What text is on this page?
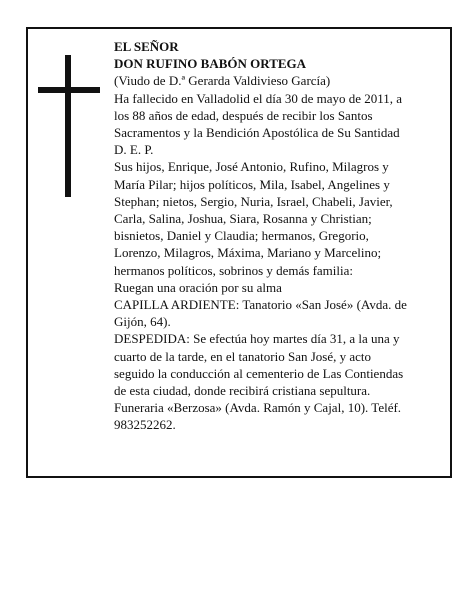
EL SEÑOR
DON RUFINO BABÓN ORTEGA
(Viudo de D.ª Gerarda Valdivieso García)
Ha fallecido en Valladolid el día 30 de mayo de 2011, a
los 88 años de edad, después de recibir los Santos
Sacramentos y la Bendición Apostólica de Su Santidad
D. E. P.
Sus hijos, Enrique, José Antonio, Rufino, Milagros y
María Pilar; hijos políticos, Mila, Isabel, Angelines y
Stephan; nietos, Sergio, Nuria, Israel, Chabeli, Javier,
Carla, Salina, Joshua, Siara, Rosanna y Christian;
bisnietos, Daniel y Claudia; hermanos, Gregorio,
Lorenzo, Milagros, Máxima, Mariano y Marcelino;
hermanos políticos, sobrinos y demás familia:
Ruegan una oración por su alma
CAPILLA ARDIENTE: Tanatorio «San José» (Avda. de
Gijón, 64).
DESPEDIDA: Se efectúa hoy martes día 31, a la una y
cuarto de la tarde, en el tanatorio San José, y acto
seguido la conducción al cementerio de Las Contiendas
de esta ciudad, donde recibirá cristiana sepultura.
Funeraria «Berzosa» (Avda. Ramón y Cajal, 10). Teléf.
983252262.
